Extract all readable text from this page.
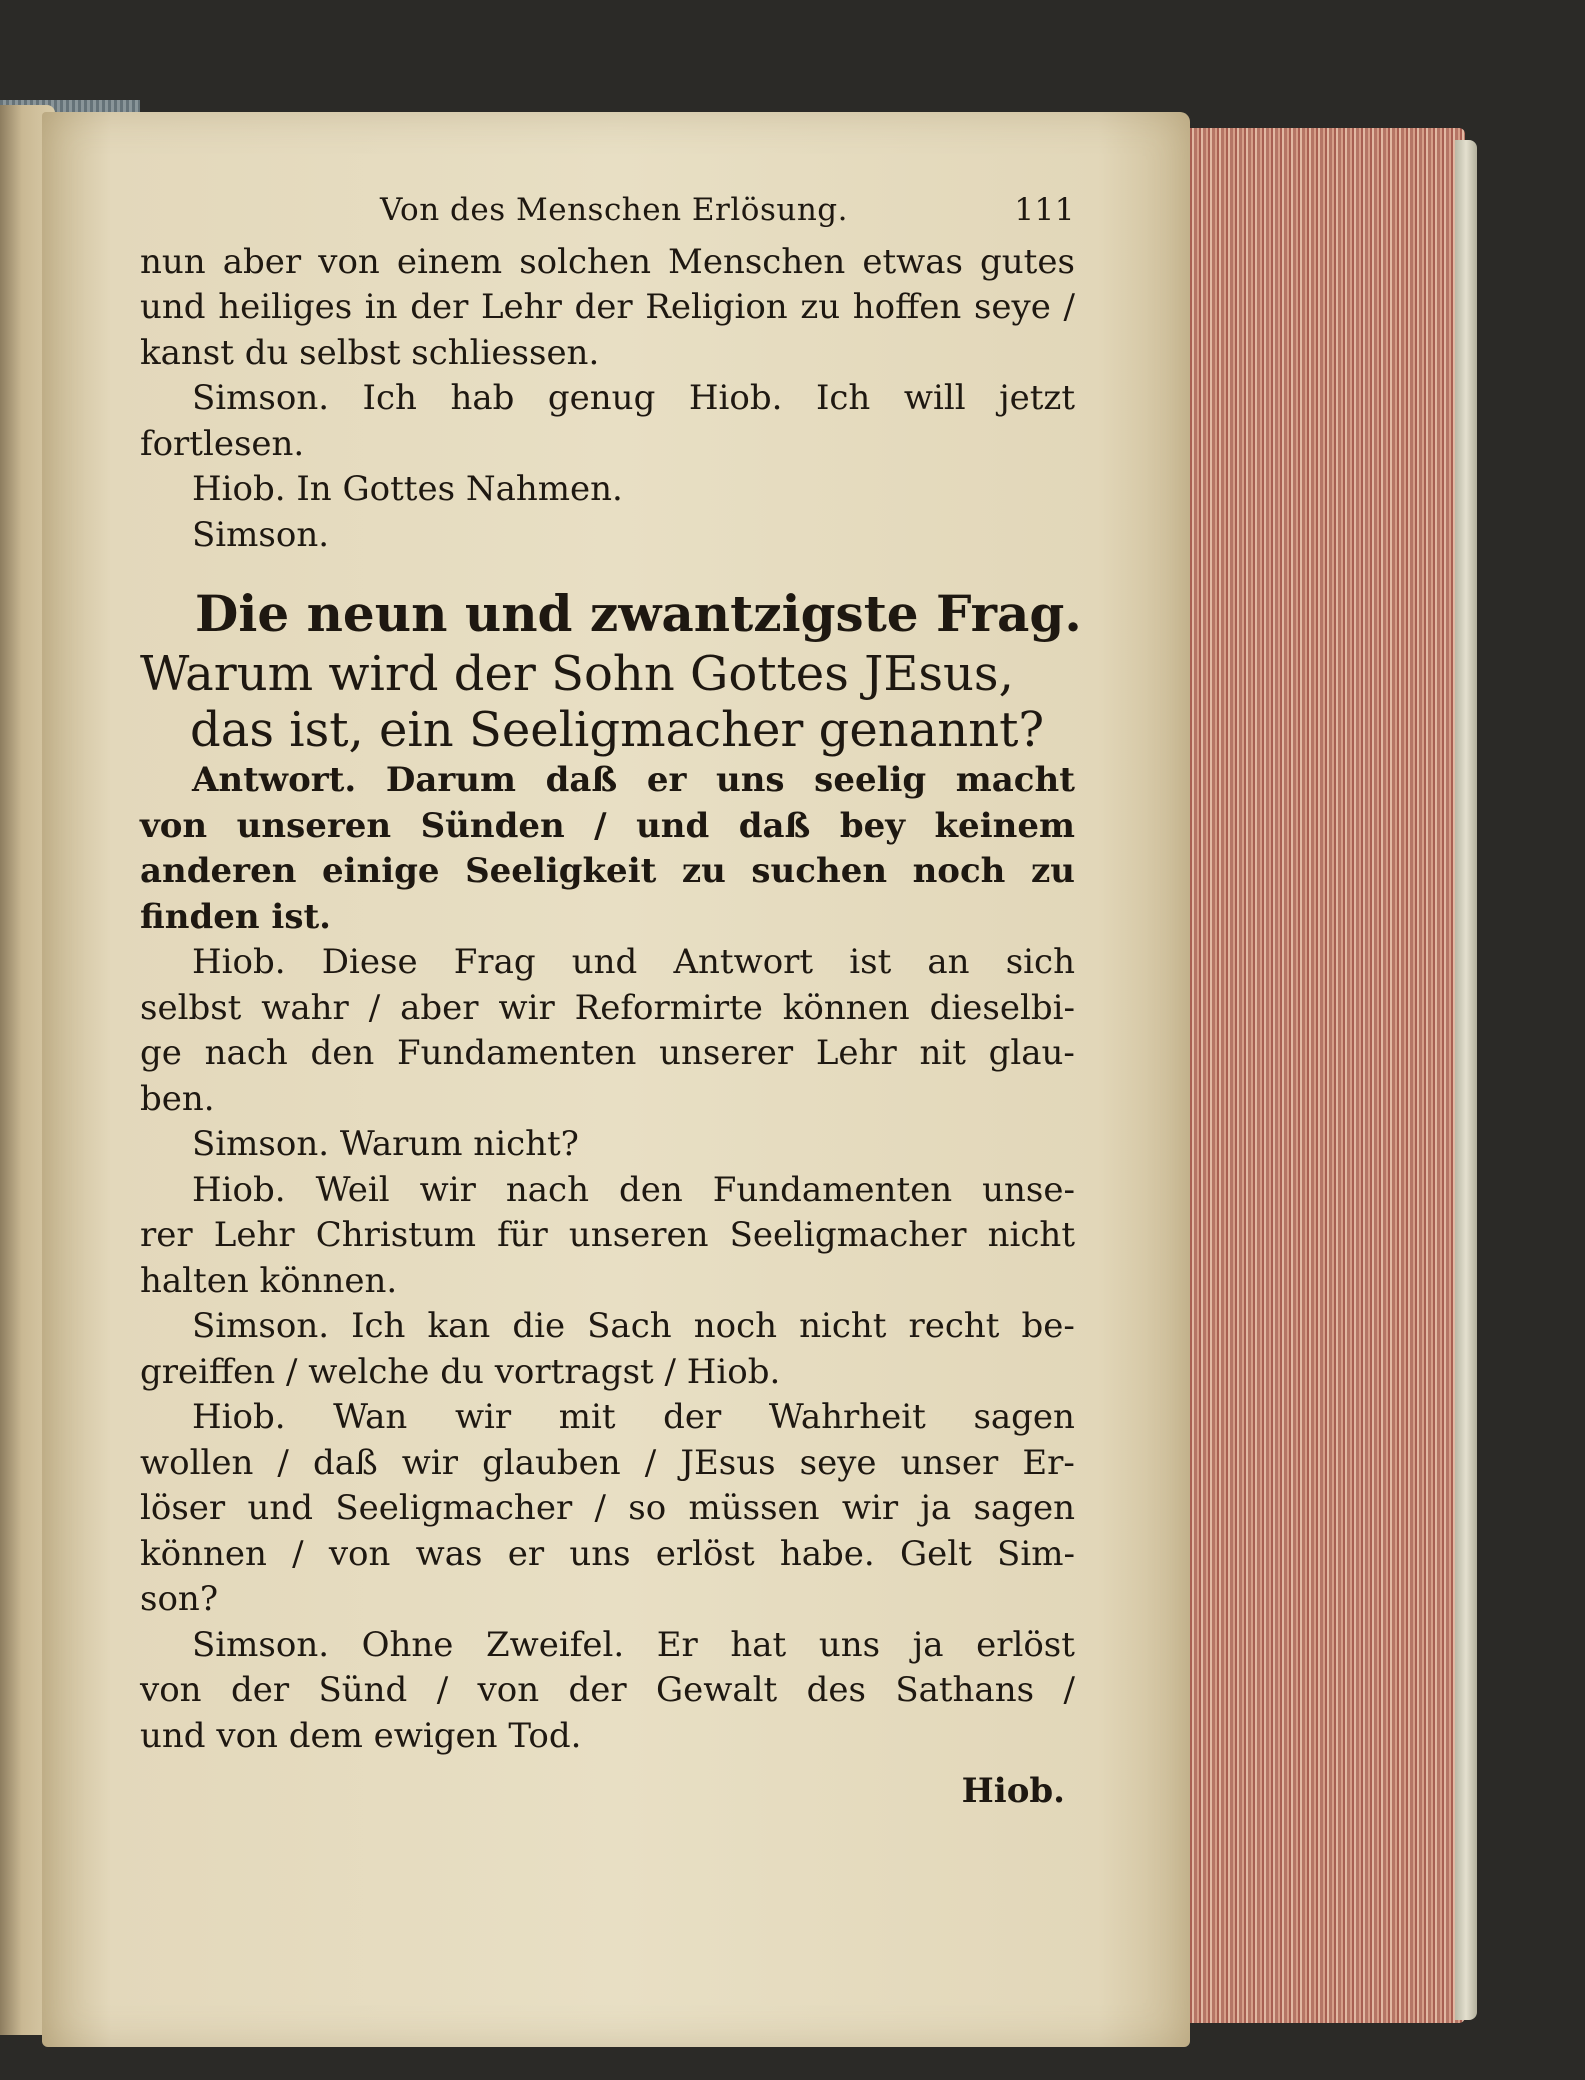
Von des Menschen Erlösung.	111
nun aber von einem solchen Menschen etwas gutes
und heiliges in der Lehr der Religion zu hoffen seye /
kanst du selbst schliessen.
Simson. Ich hab genug Hiob. Ich will jetzt
fortlesen.
Hiob. In Gottes Nahmen.
Simson.
Die neun und zwantzigste Frag.
Warum wird der Sohn Gottes JEsus,
das ist, ein Seeligmacher genannt?
Antwort. Darum daß er uns seelig macht
von unseren Sünden / und daß bey keinem
anderen einige Seeligkeit zu suchen noch zu
finden ist.
Hiob. Diese Frag und Antwort ist an sich
selbst wahr / aber wir Reformirte können dieselbi-
ge nach den Fundamenten unserer Lehr nit glau-
ben.
Simson. Warum nicht?
Hiob. Weil wir nach den Fundamenten unse-
rer Lehr Christum für unseren Seeligmacher nicht
halten können.
Simson. Ich kan die Sach noch nicht recht be-
greiffen / welche du vortragst / Hiob.
Hiob. Wan wir mit der Wahrheit sagen
wollen / daß wir glauben / JEsus seye unser Er-
löser und Seeligmacher / so müssen wir ja sagen
können / von was er uns erlöst habe. Gelt Sim-
son?
Simson. Ohne Zweifel. Er hat uns ja erlöst
von der Sünd / von der Gewalt des Sathans /
und von dem ewigen Tod.
Hiob.
